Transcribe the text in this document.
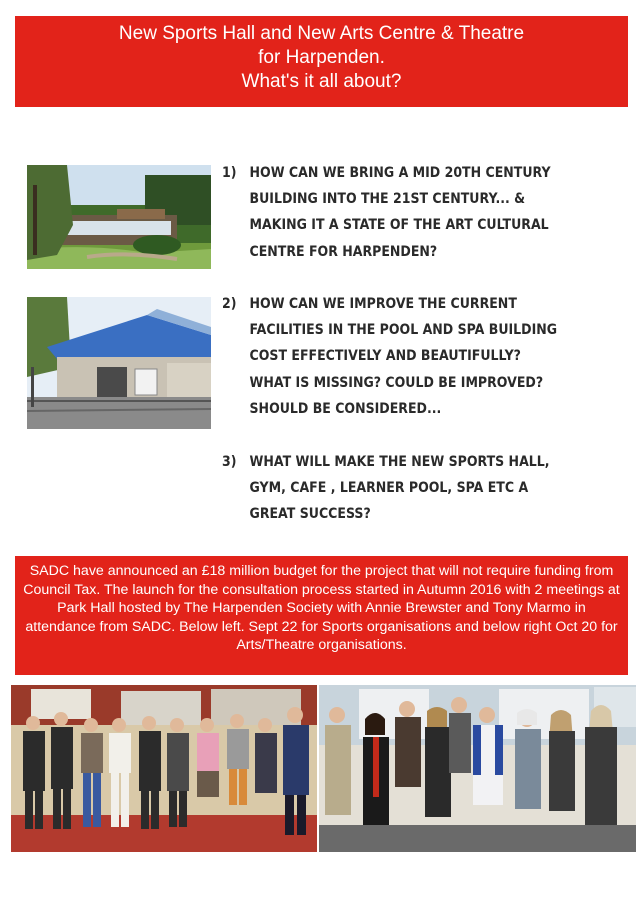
New Sports Hall and New Arts Centre & Theatre
for Harpenden.
What's it all about?
1) HOW CAN WE BRING A MID 20TH CENTURY
BUILDING INTO THE 21ST CENTURY... &
MAKING IT A STATE OF THE ART CULTURAL
CENTRE FOR HARPENDEN?
2) HOW CAN WE IMPROVE THE CURRENT
FACILITIES IN THE POOL AND SPA BUILDING
COST EFFECTIVELY AND BEAUTIFULLY?
WHAT IS MISSING? COULD BE IMPROVED?
SHOULD BE CONSIDERED...
3) WHAT WILL MAKE THE NEW SPORTS HALL,
GYM, CAFE , LEARNER POOL, SPA ETC A
GREAT SUCCESS?
SADC have announced an £18 million budget for the project that will not require funding from Council Tax. The launch for the consultation process started in Autumn 2016 with 2 meetings at Park Hall hosted by The Harpenden Society with Annie Brewster and Tony Marmo in attendance from SADC. Below left. Sept 22 for Sports organisations and below right Oct 20 for Arts/Theatre organisations.
